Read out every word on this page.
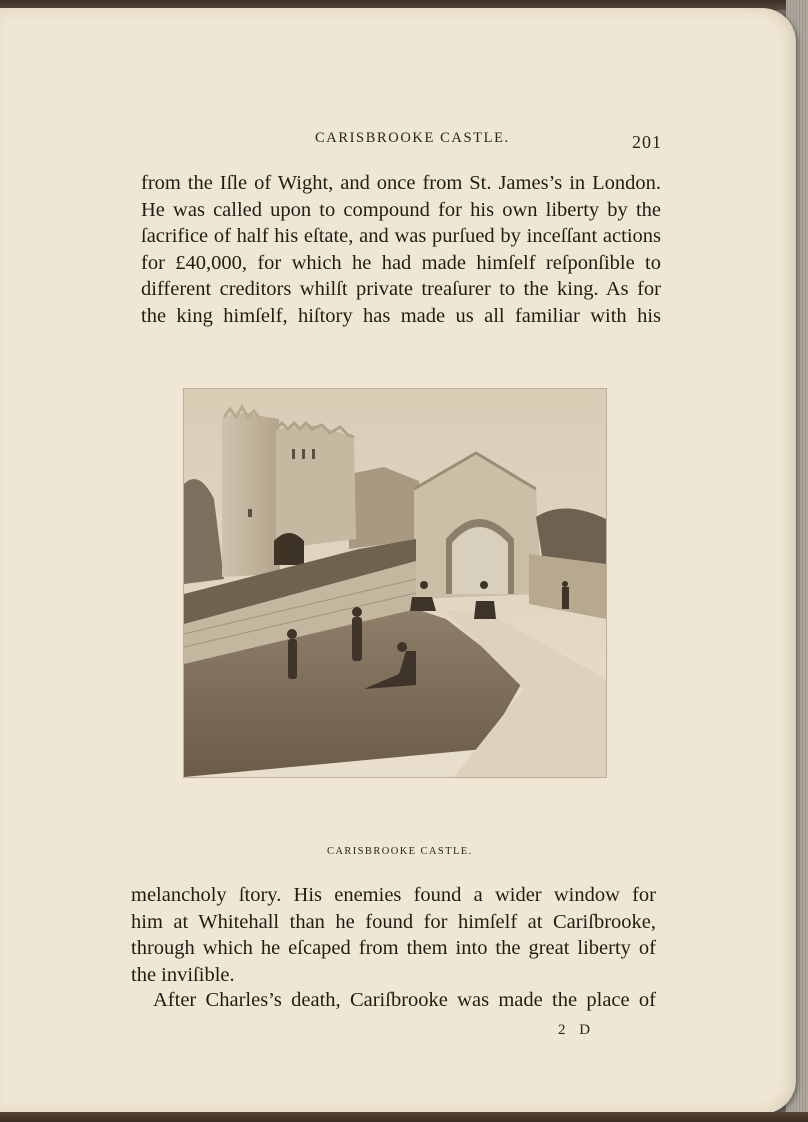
CARISBROOKE CASTLE.	201
from the Iſle of Wight, and once from St. James’s in London.
He was called upon to compound for his own liberty by the
ſacrifice of half his eſtate, and was purſued by inceſſant actions
for £40,000, for which he had made himſelf reſponſible to
different creditors whilſt private treaſurer to the king. As for
the king himſelf, hiſtory has made us all familiar with his
CARISBROOKE CASTLE.
melancholy ſtory. His enemies found a wider window for
him at Whitehall than he found for himſelf at Cariſbrooke,
through which he eſcaped from them into the great liberty of
the inviſible.
After Charles’s death, Cariſbrooke was made the place of
2 D
